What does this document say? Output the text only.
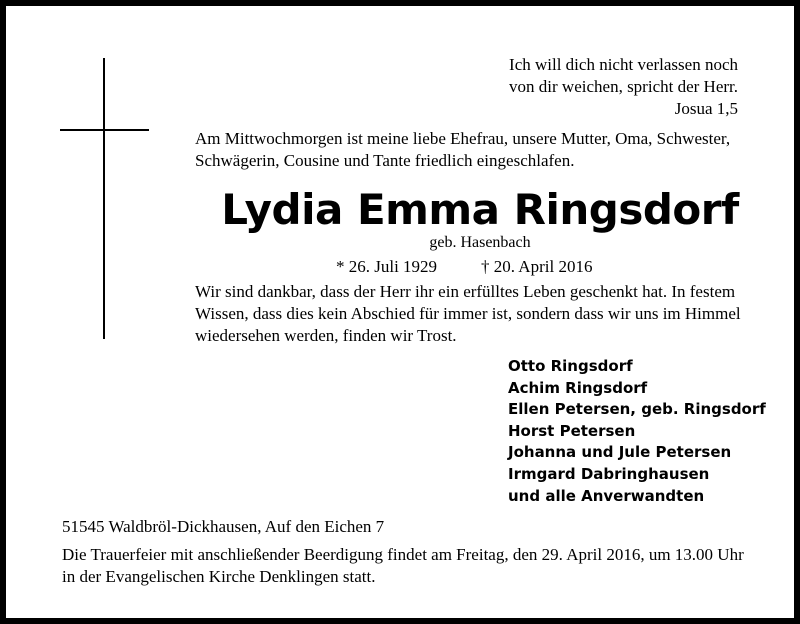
Ich will dich nicht verlassen noch
von dir weichen, spricht der Herr.
Josua 1,5
Am Mittwochmorgen ist meine liebe Ehefrau, unsere Mutter, Oma, Schwester,
Schwägerin, Cousine und Tante friedlich eingeschlafen.
Lydia Emma Ringsdorf
geb. Hasenbach
* 26. Juli 1929	† 20. April 2016
Wir sind dankbar, dass der Herr ihr ein erfülltes Leben geschenkt hat. In festem
Wissen, dass dies kein Abschied für immer ist, sondern dass wir uns im Himmel
wiedersehen werden, finden wir Trost.
Otto Ringsdorf
Achim Ringsdorf
Ellen Petersen, geb. Ringsdorf
Horst Petersen
Johanna und Jule Petersen
Irmgard Dabringhausen
und alle Anverwandten
51545 Waldbröl-Dickhausen, Auf den Eichen 7
Die Trauerfeier mit anschließender Beerdigung findet am Freitag, den 29. April 2016, um 13.00 Uhr
in der Evangelischen Kirche Denklingen statt.
